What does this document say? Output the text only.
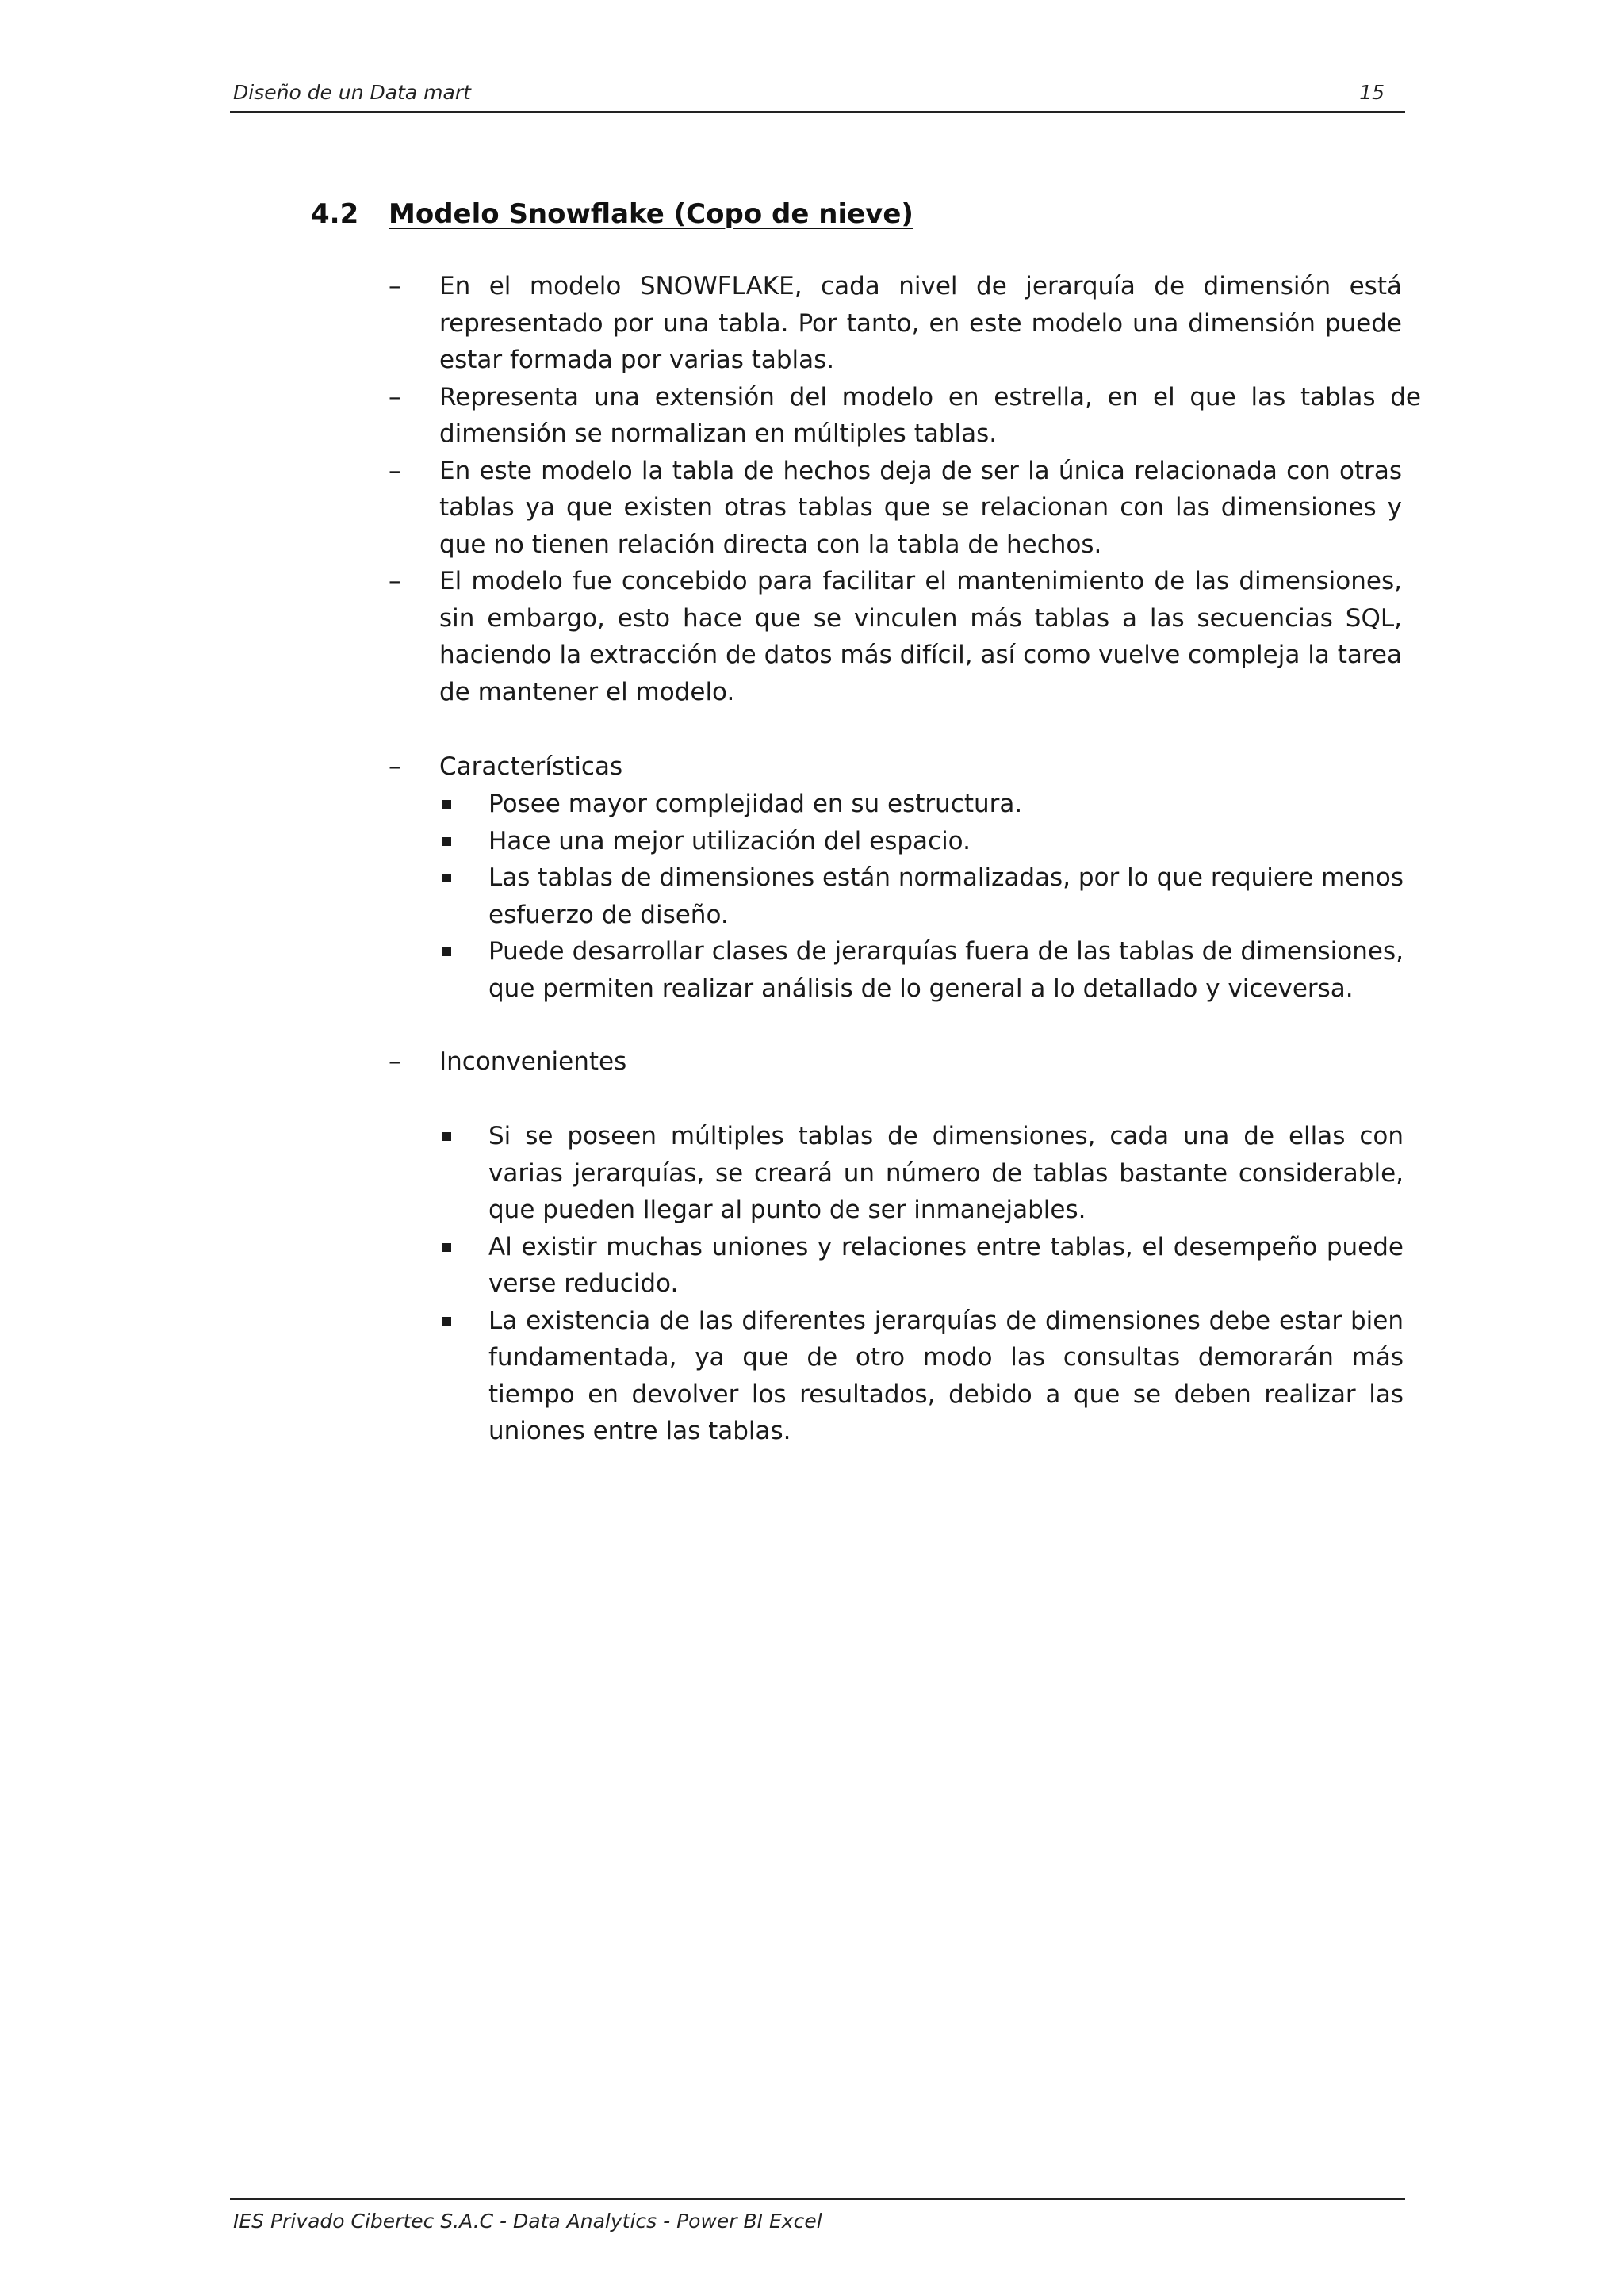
Diseño de un Data mart	15
4.2 Modelo Snowflake (Copo de nieve)
– En el modelo SNOWFLAKE, cada nivel de jerarquía de dimensión está representado por una tabla. Por tanto, en este modelo una dimensión puede estar formada por varias tablas.
– Representa una extensión del modelo en estrella, en el que las tablas de dimensión se normalizan en múltiples tablas.
– En este modelo la tabla de hechos deja de ser la única relacionada con otras tablas ya que existen otras tablas que se relacionan con las dimensiones y que no tienen relación directa con la tabla de hechos.
– El modelo fue concebido para facilitar el mantenimiento de las dimensiones, sin embargo, esto hace que se vinculen más tablas a las secuencias SQL, haciendo la extracción de datos más difícil, así como vuelve compleja la tarea de mantener el modelo.
– Características
Posee mayor complejidad en su estructura.
Hace una mejor utilización del espacio.
Las tablas de dimensiones están normalizadas, por lo que requiere menos esfuerzo de diseño.
Puede desarrollar clases de jerarquías fuera de las tablas de dimensiones, que permiten realizar análisis de lo general a lo detallado y viceversa.
– Inconvenientes
Si se poseen múltiples tablas de dimensiones, cada una de ellas con varias jerarquías, se creará un número de tablas bastante considerable, que pueden llegar al punto de ser inmanejables.
Al existir muchas uniones y relaciones entre tablas, el desempeño puede verse reducido.
La existencia de las diferentes jerarquías de dimensiones debe estar bien fundamentada, ya que de otro modo las consultas demorarán más tiempo en devolver los resultados, debido a que se deben realizar las uniones entre las tablas.
IES Privado Cibertec S.A.C - Data Analytics - Power BI Excel
